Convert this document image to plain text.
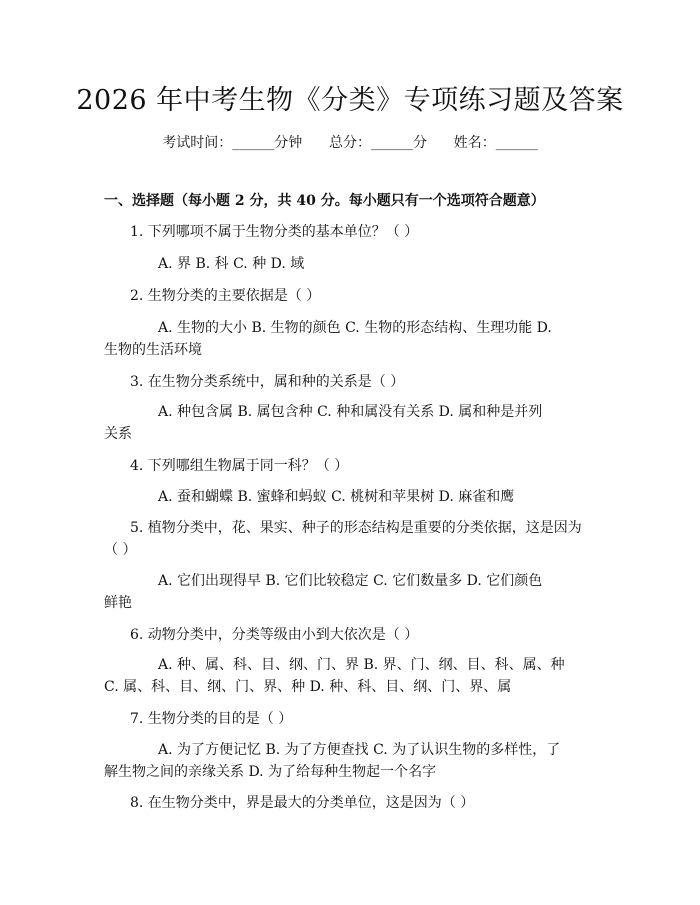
2026 年中考生物《分类》专项练习题及答案
考试时间：______分钟      总分：______分      姓名：______
一、选择题（每小题 2 分，共 40 分。每小题只有一个选项符合题意）
1. 下列哪项不属于生物分类的基本单位？（ ）
A. 界 B. 科 C. 种 D. 域
2. 生物分类的主要依据是（ ）
A. 生物的大小 B. 生物的颜色 C. 生物的形态结构、生理功能 D.
生物的生活环境
3. 在生物分类系统中，属和种的关系是（ ）
A. 种包含属 B. 属包含种 C. 种和属没有关系 D. 属和种是并列
关系
4. 下列哪组生物属于同一科？（ ）
A. 蚕和蝴蝶 B. 蜜蜂和蚂蚁 C. 桃树和苹果树 D. 麻雀和鹰
5. 植物分类中，花、果实、种子的形态结构是重要的分类依据，这是因为
（ ）
A. 它们出现得早 B. 它们比较稳定 C. 它们数量多 D. 它们颜色
鲜艳
6. 动物分类中，分类等级由小到大依次是（ ）
A. 种、属、科、目、纲、门、界 B. 界、门、纲、目、科、属、种
C. 属、科、目、纲、门、界、种 D. 种、科、目、纲、门、界、属
7. 生物分类的目的是（ ）
A. 为了方便记忆 B. 为了方便查找 C. 为了认识生物的多样性，了
解生物之间的亲缘关系 D. 为了给每种生物起一个名字
8. 在生物分类中，界是最大的分类单位，这是因为（ ）
